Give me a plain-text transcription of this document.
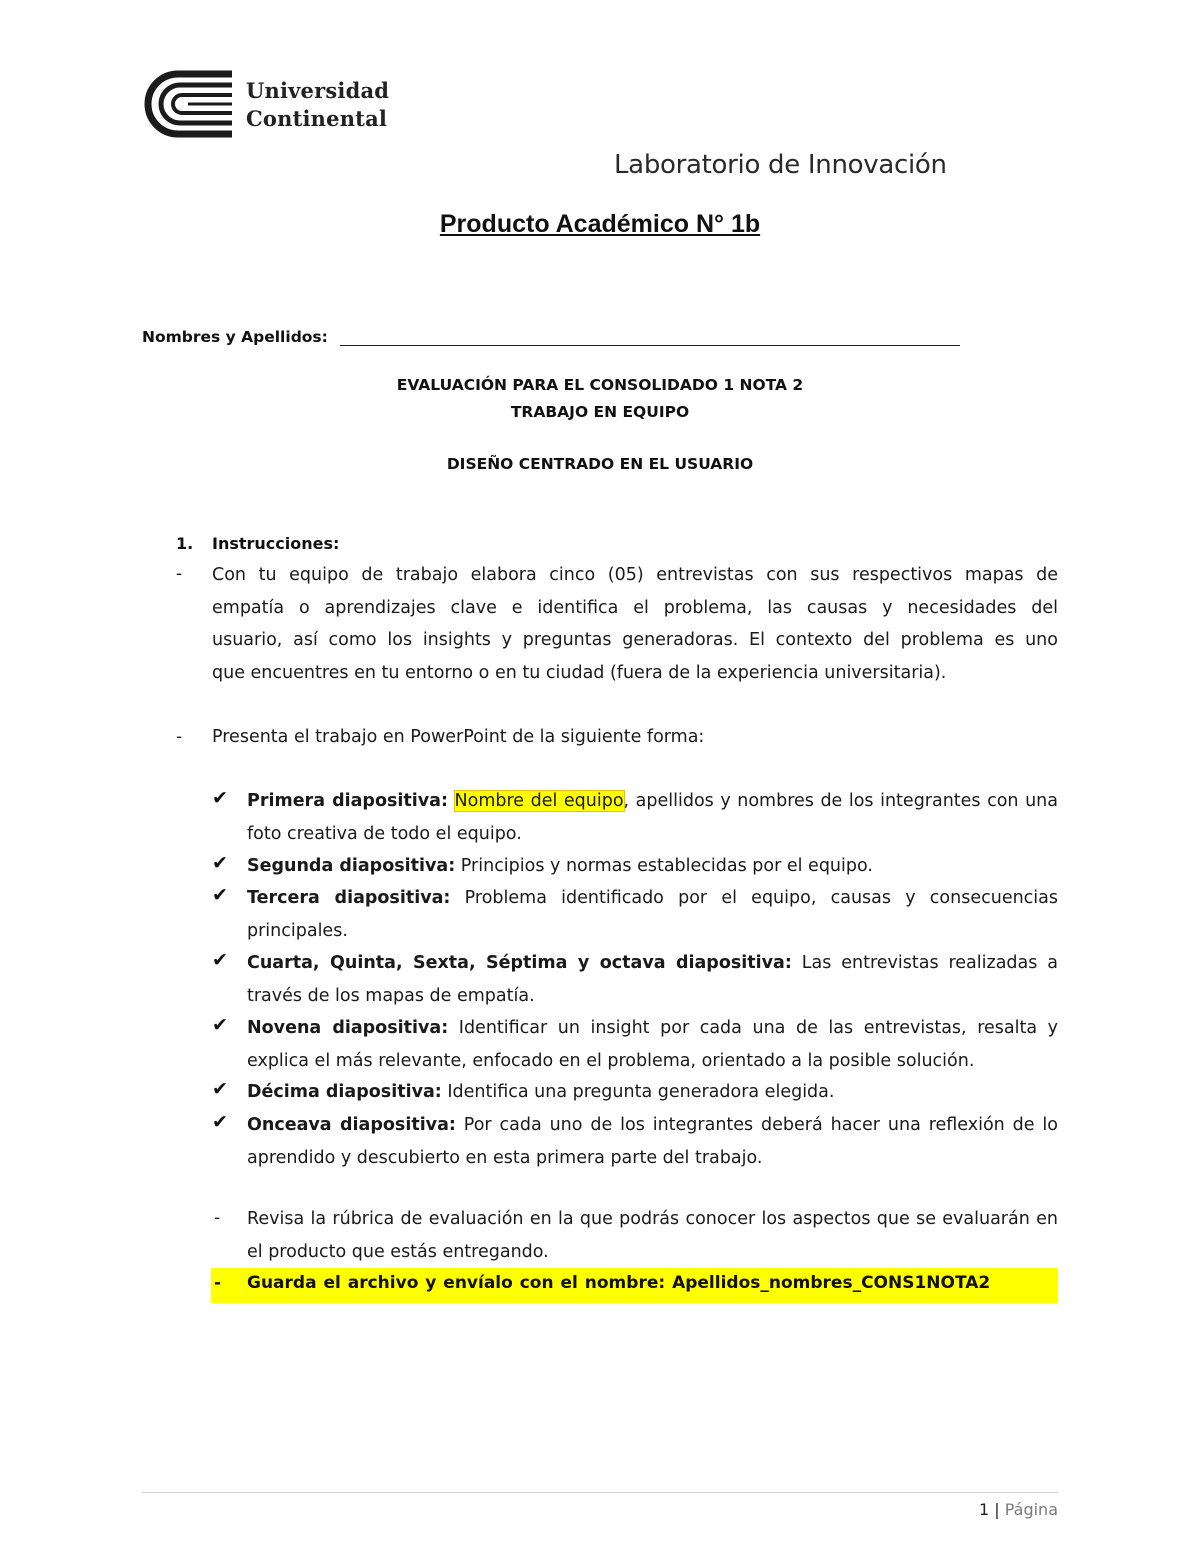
Universidad
Continental
Laboratorio de Innovación
Producto Académico N° 1b
Nombres y Apellidos:
EVALUACIÓN PARA EL CONSOLIDADO 1 NOTA 2
TRABAJO EN EQUIPO
DISEÑO CENTRADO EN EL USUARIO
1. Instrucciones:
- Con tu equipo de trabajo elabora cinco (05) entrevistas con sus respectivos mapas de
empatía o aprendizajes clave e identifica el problema, las causas y necesidades del
usuario, así como los insights y preguntas generadoras. El contexto del problema es uno
que encuentres en tu entorno o en tu ciudad (fuera de la experiencia universitaria).
- Presenta el trabajo en PowerPoint de la siguiente forma:
✔ Primera diapositiva: Nombre del equipo, apellidos y nombres de los integrantes con una foto creativa de todo el equipo.
✔ Segunda diapositiva: Principios y normas establecidas por el equipo.
✔ Tercera diapositiva: Problema identificado por el equipo, causas y consecuencias principales.
✔ Cuarta, Quinta, Sexta, Séptima y octava diapositiva: Las entrevistas realizadas a través de los mapas de empatía.
✔ Novena diapositiva: Identificar un insight por cada una de las entrevistas, resalta y explica el más relevante, enfocado en el problema, orientado a la posible solución.
✔ Décima diapositiva: Identifica una pregunta generadora elegida.
✔ Onceava diapositiva: Por cada uno de los integrantes deberá hacer una reflexión de lo aprendido y descubierto en esta primera parte del trabajo.
- Revisa la rúbrica de evaluación en la que podrás conocer los aspectos que se evaluarán en el producto que estás entregando.
- Guarda el archivo y envíalo con el nombre: Apellidos_nombres_CONS1NOTA2
1 | Página
